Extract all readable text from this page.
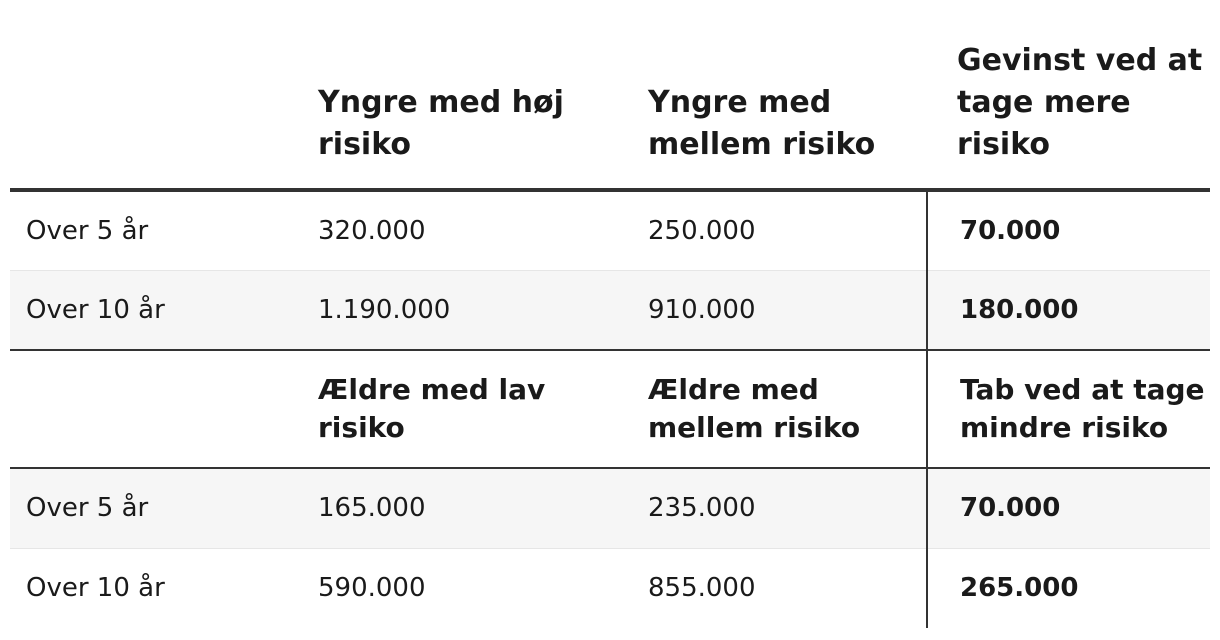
	Yngre med høj risiko	Yngre med mellem risiko	Gevinst ved at tage mere risiko
Over 5 år	320.000	250.000	70.000
Over 10 år	1.190.000	910.000	180.000
	Ældre med lav risiko	Ældre med mellem risiko	Tab ved at tage mindre risiko
Over 5 år	165.000	235.000	70.000
Over 10 år	590.000	855.000	265.000
